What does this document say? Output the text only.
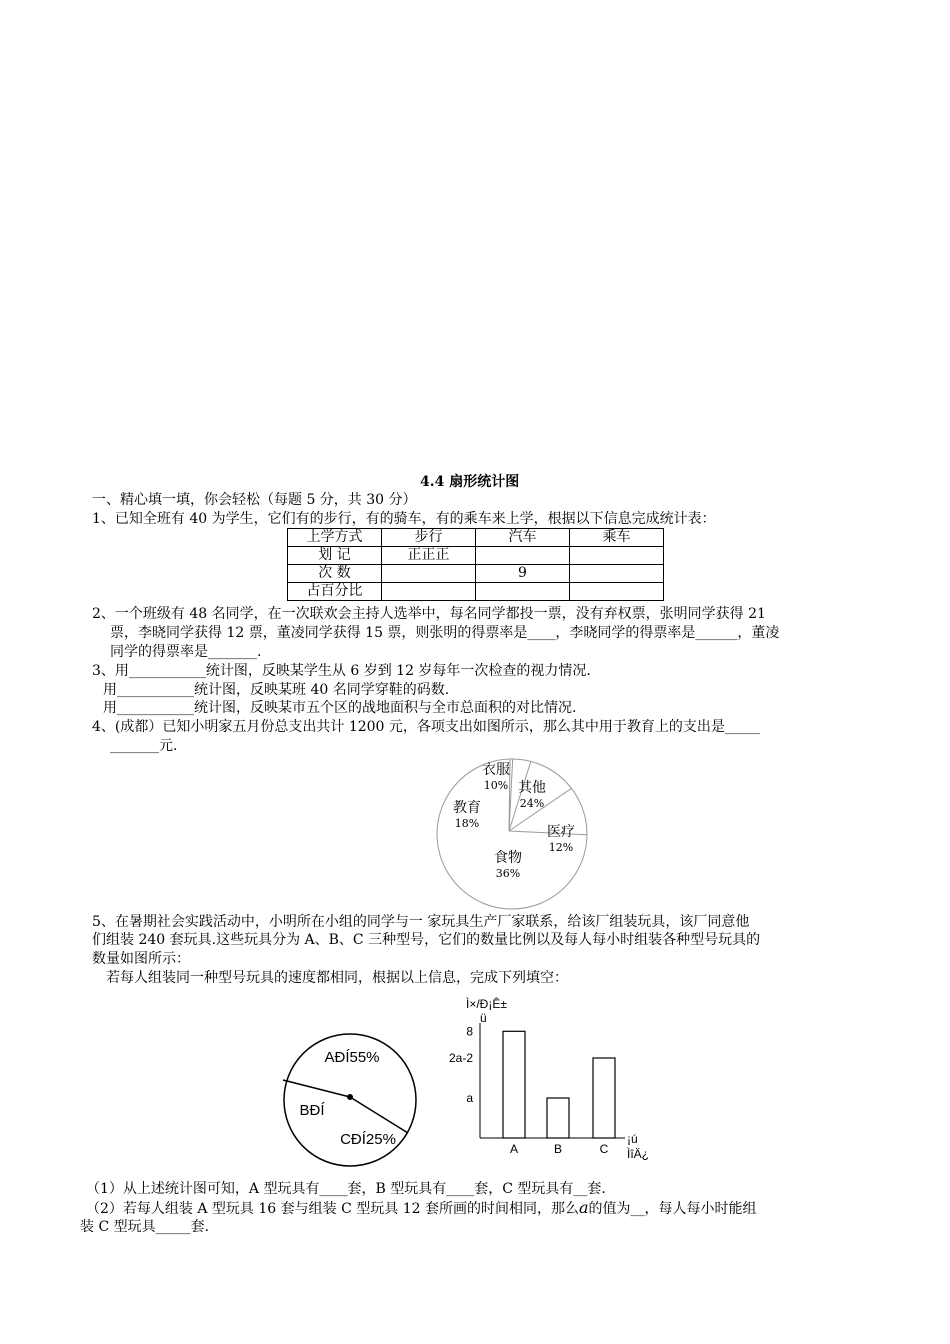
4.4 扇形统计图
一、精心填一填，你会轻松（每题 5 分，共 30 分）
1、已知全班有 40 为学生，它们有的步行，有的骑车，有的乘车来上学，根据以下信息完成统计表：
上学方式	步行	汽车	乘车
划 记	正正正		
次 数		9	
占百分比			
2、一个班级有 48 名同学，在一次联欢会主持人选举中，每名同学都投一票，没有弃权票，张明同学获得 21
票，李晓同学获得 12 票，董凌同学获得 15 票，则张明的得票率是____，李晓同学的得票率是______，董凌
同学的得票率是_______.
3、用___________统计图，反映某学生从 6 岁到 12 岁每年一次检查的视力情况.
用___________统计图，反映某班 40 名同学穿鞋的码数.
用___________统计图，反映某市五个区的战地面积与全市总面积的对比情况.
4、(成都）已知小明家五月份总支出共计 1200 元，各项支出如图所示，那么其中用于教育上的支出是_____
_______元.
衣服
10% 其他
24%
医疗
12%
食物
36%
教育
18%
5、在暑期社会实践活动中，小明所在小组的同学与一 家玩具生产厂家联系，给该厂组装玩具，该厂同意他
们组装 240 套玩具.这些玩具分为 A、B、C 三种型号，它们的数量比例以及每人每小时组装各种型号玩具的
数量如图所示：
若每人组装同一种型号玩具的速度都相同，根据以上信息，完成下列填空：
AÐÍ55%
CÐÍ25%
BÐÍ
Ì×/Ð¡Ê±
ü
¡ú
ÌîÄ¿
A	B	C
8
2a-2
a
（1）从上述统计图可知，A 型玩具有____套，B 型玩具有____套，C 型玩具有__套.
（2）若每人组装 A 型玩具 16 套与组装 C 型玩具 12 套所画的时间相同，那么a的值为__，每人每小时能组
装 C 型玩具_____套.
